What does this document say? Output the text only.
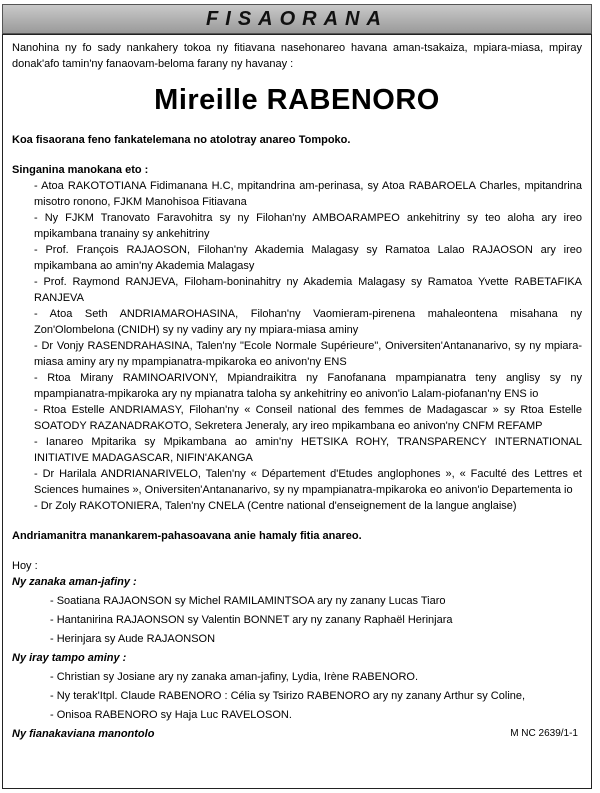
FISAORANA

Nanohina ny fo sady nankahery tokoa ny fitiavana nasehonareo havana aman-tsakaiza, mpiara-miasa, mpiray donak'afo tamin'ny fanaovam-beloma farany ny havanay :

Mireille RABENORO

Koa fisaorana feno fankatelemana no atolotray anareo Tompoko.

Singanina manokana eto :

- Atoa RAKOTOTIANA Fidimanana H.C, mpitandrina am-perinasa, sy Atoa RABAROELA Charles, mpitandrina misotro ronono, FJKM Manohisoa Fitiavana
- Ny FJKM Tranovato Faravohitra sy ny Filohan'ny AMBOARAMPEO ankehitriny sy teo aloha ary ireo mpikambana tranainy sy ankehitriny
- Prof. François RAJAOSON, Filohan'ny Akademia Malagasy sy Ramatoa Lalao RAJAOSON ary ireo mpikambana ao amin'ny Akademia Malagasy
- Prof. Raymond RANJEVA, Filoham-boninahitry ny Akademia Malagasy sy Ramatoa Yvette RABETAFIKA RANJEVA
- Atoa Seth ANDRIAMAROHASINA, Filohan'ny Vaomieram-pirenena mahaleontena misahana ny Zon'Olombelona (CNIDH) sy ny vadiny ary ny mpiara-miasa aminy
- Dr Vonjy RASENDRAHASINA, Talen'ny "Ecole Normale Supérieure", Oniversiten'Antananarivo, sy ny mpiara-miasa aminy ary ny mpampianatra-mpikaroka eo anivon'ny ENS
- Rtoa Mirany RAMINOARIVONY, Mpiandraikitra ny Fanofanana mpampianatra teny anglisy sy ny mpampianatra-mpikaroka ary ny mpianatra taloha sy ankehitriny eo anivon'io Lalam-piofanan'ny ENS io
- Rtoa Estelle ANDRIAMASY, Filohan'ny « Conseil national des femmes de Madagascar » sy Rtoa Estelle SOATODY RAZANADRAKOTO, Sekretera Jeneraly, ary ireo mpikambana eo anivon'ny CNFM REFAMP
- Ianareo Mpitarika sy Mpikambana ao amin'ny HETSIKA ROHY, TRANSPARENCY INTERNATIONAL INITIATIVE MADAGASCAR, NIFIN'AKANGA
- Dr Harilala ANDRIANARIVELO, Talen'ny « Département d'Etudes anglophones », « Faculté des Lettres et Sciences humaines », Oniversiten'Antananarivo, sy ny mpampianatra-mpikaroka eo anivon'io Departementa io
- Dr Zoly RAKOTONIERA, Talen'ny CNELA (Centre national d'enseignement de la langue anglaise)

Andriamanitra manankarem-pahasoavana anie hamaly fitia anareo.

Hoy :

Ny zanaka aman-jafiny :

- Soatiana RAJAONSON sy Michel RAMILAMINTSOA ary ny zanany Lucas Tiaro
- Hantanirina RAJAONSON sy Valentin BONNET ary ny zanany Raphaël Herinjara
- Herinjara sy Aude RAJAONSON

Ny iray tampo aminy :

- Christian sy Josiane ary ny zanaka aman-jafiny, Lydia, Irène RABENORO.
- Ny terak'Itpl. Claude RABENORO : Célia sy Tsirizo RABENORO ary ny zanany Arthur sy Coline,
- Onisoa RABENORO sy Haja Luc RAVELOSON.
Ny fianakaviana manontolo	M NC 2639/1-1
